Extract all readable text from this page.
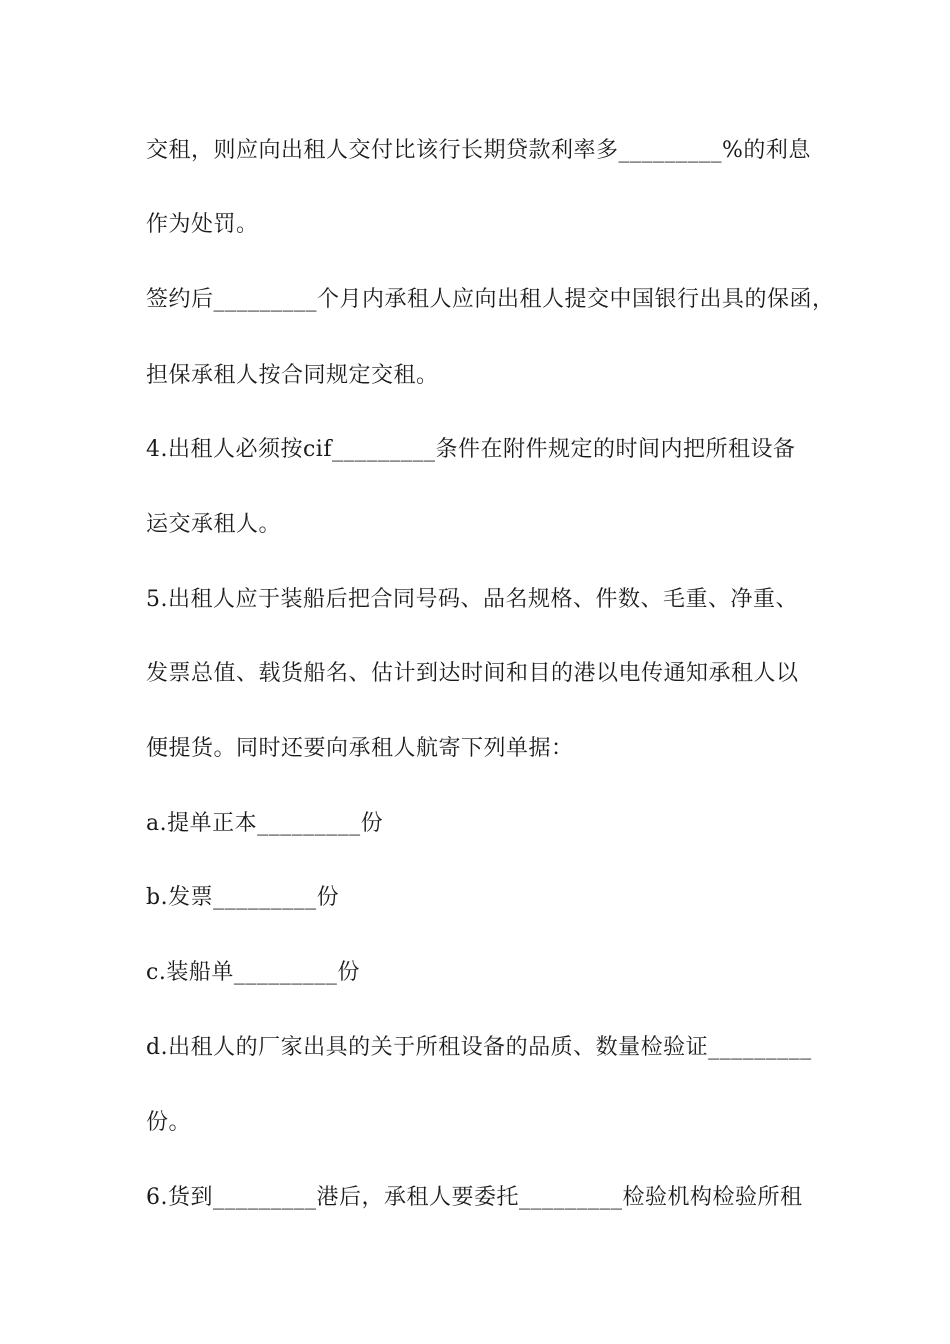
交租，则应向出租人交付比该行长期贷款利率多_________%的利息
作为处罚。
签约后_________个月内承租人应向出租人提交中国银行出具的保函，
担保承租人按合同规定交租。
4.出租人必须按cif_________条件在附件规定的时间内把所租设备
运交承租人。
5.出租人应于装船后把合同号码、品名规格、件数、毛重、净重、
发票总值、载货船名、估计到达时间和目的港以电传通知承租人以
便提货。同时还要向承租人航寄下列单据：
a.提单正本_________份
b.发票_________份
c.装船单_________份
d.出租人的厂家出具的关于所租设备的品质、数量检验证_________
份。
6.货到_________港后，承租人要委托_________检验机构检验所租
